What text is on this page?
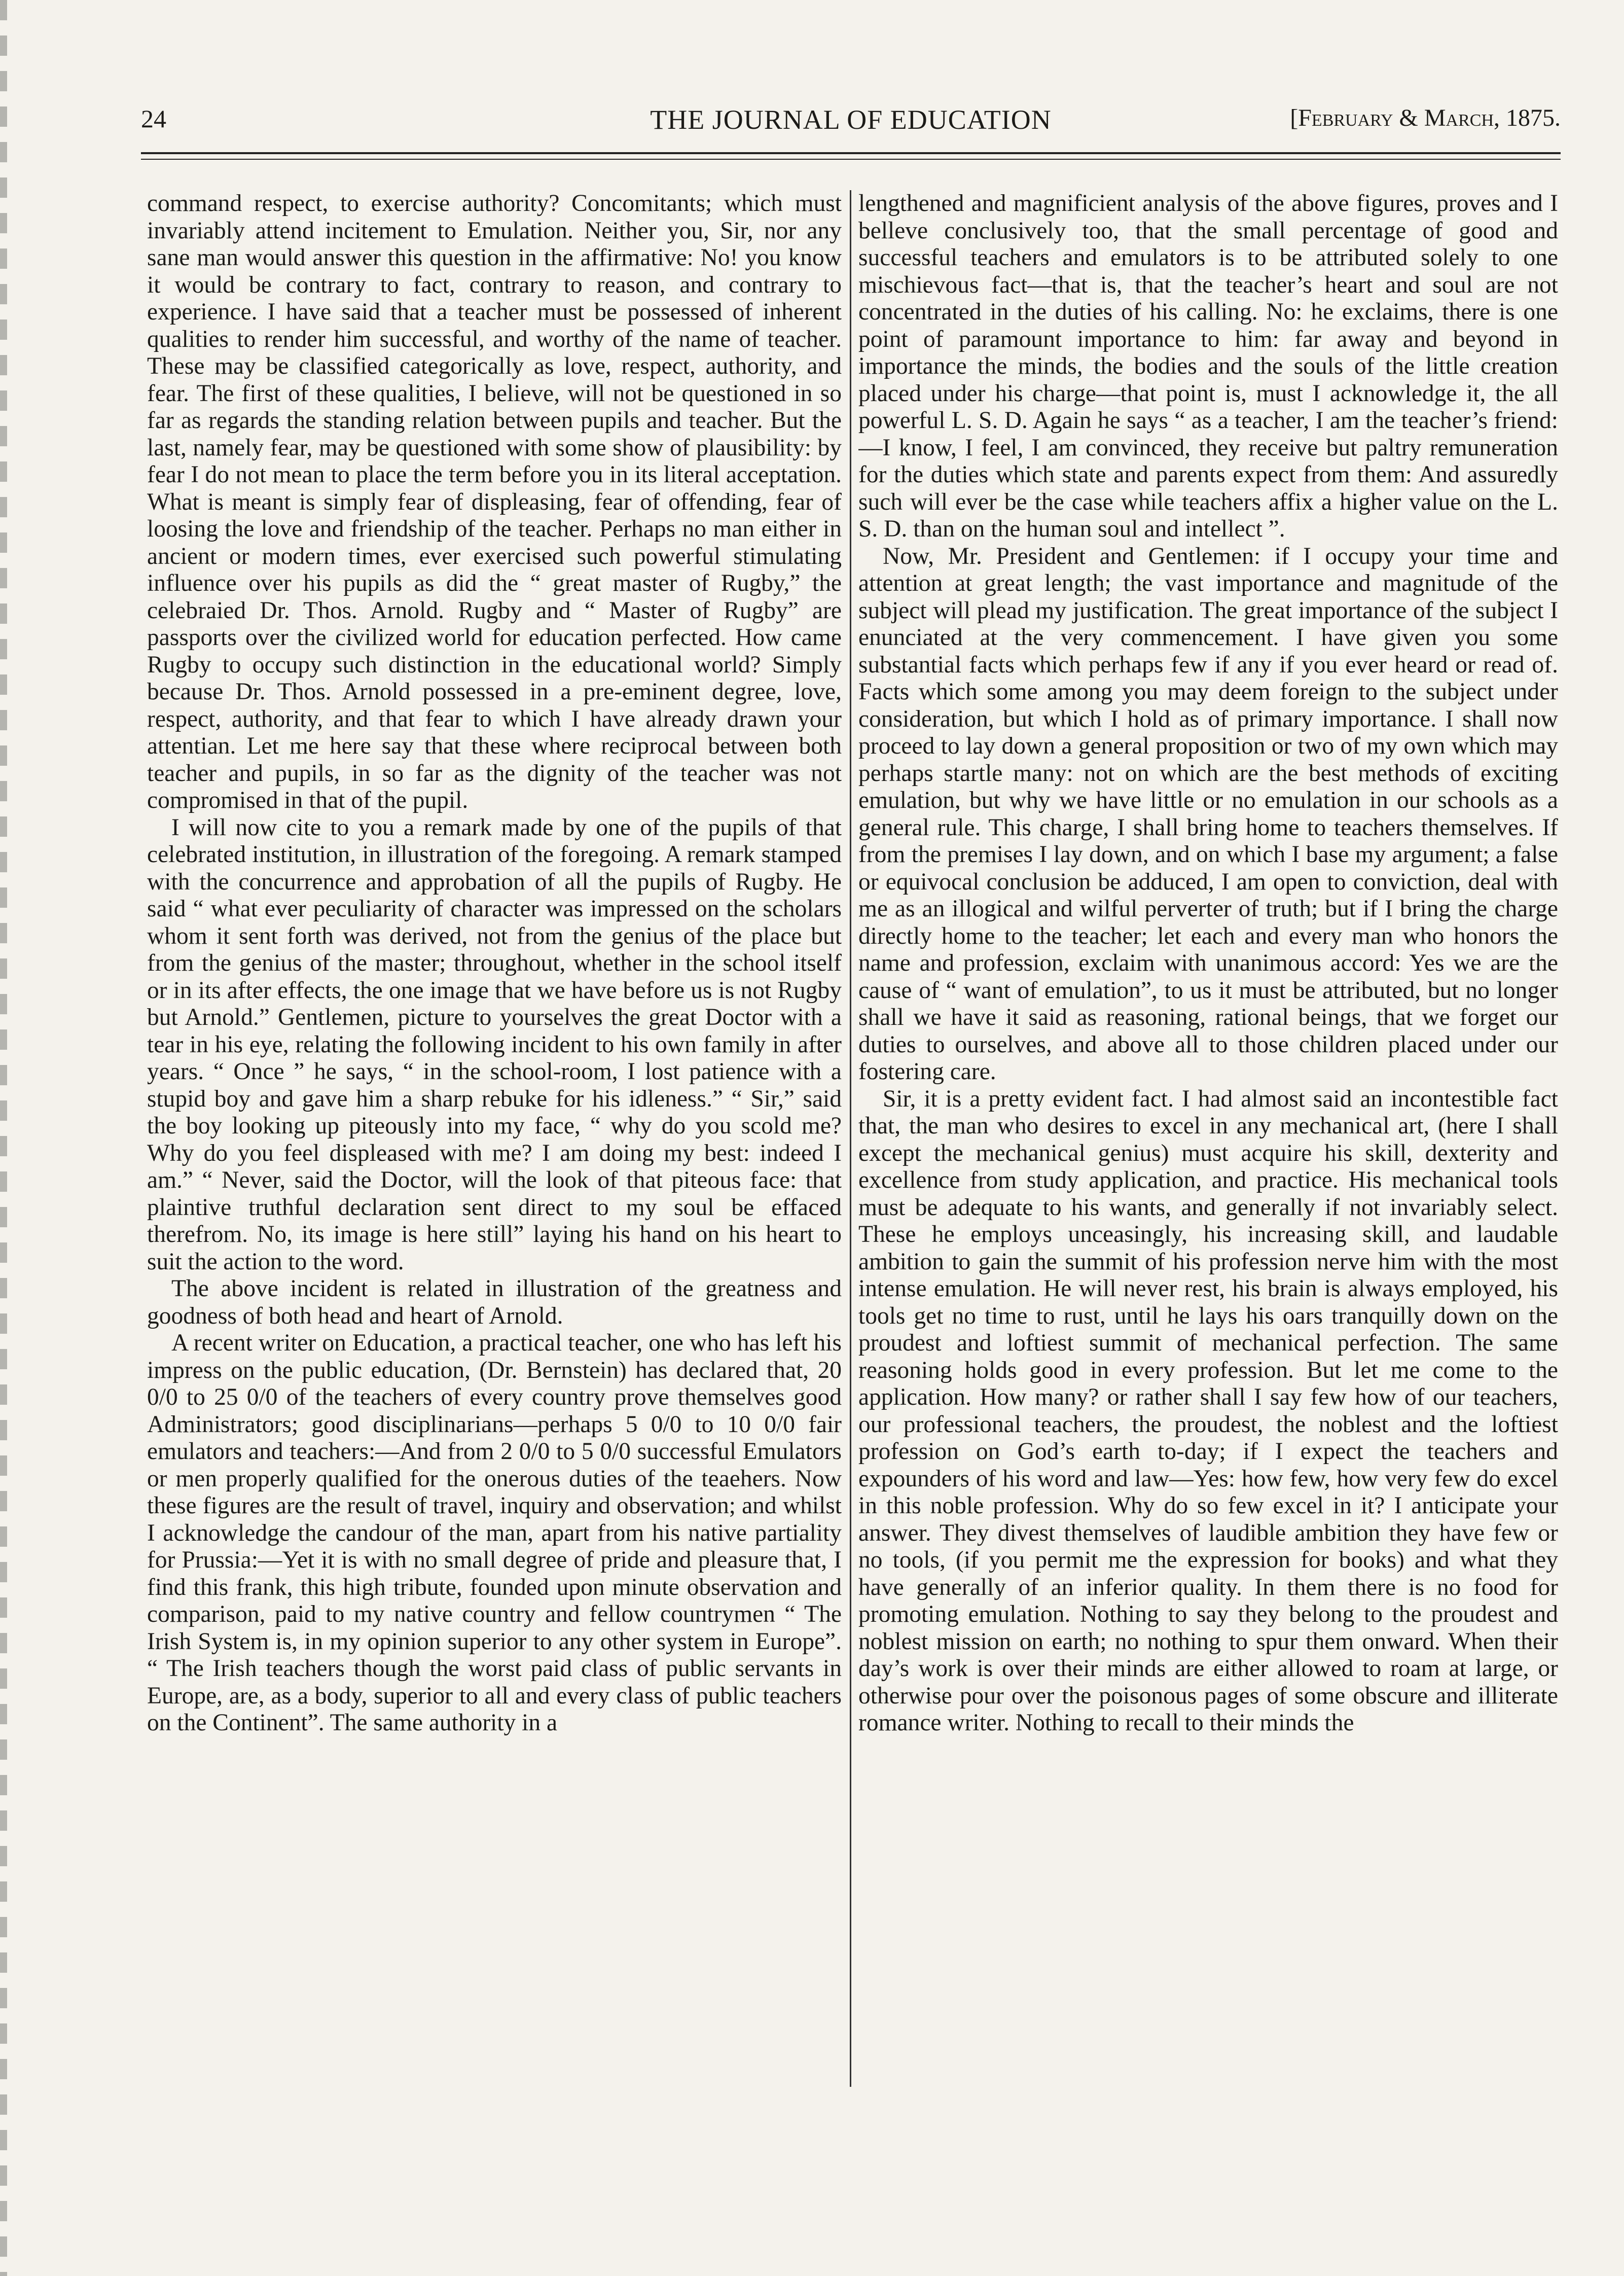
24	THE JOURNAL OF EDUCATION	[February & March, 1875.

command respect, to exercise authority? Concomitants; which must invariably attend incitement to Emulation. Neither you, Sir, nor any sane man would answer this question in the affirmative: No! you know it would be contrary to fact, contrary to reason, and contrary to experience. I have said that a teacher must be possessed of inherent qualities to render him successful, and worthy of the name of teacher. These may be classified categorically as love, respect, authority, and fear. The first of these qualities, I believe, will not be questioned in so far as regards the standing relation between pupils and teacher. But the last, namely fear, may be questioned with some show of plausibility: by fear I do not mean to place the term before you in its literal acceptation. What is meant is simply fear of displeasing, fear of offending, fear of loosing the love and friendship of the teacher. Perhaps no man either in ancient or modern times, ever exercised such powerful stimulating influence over his pupils as did the “ great master of Rugby,” the celebraied Dr. Thos. Arnold. Rugby and “ Master of Rugby” are passports over the civilized world for education perfected. How came Rugby to occupy such distinction in the educational world? Simply because Dr. Thos. Arnold possessed in a pre-eminent degree, love, respect, authority, and that fear to which I have already drawn your attentian. Let me here say that these where reciprocal between both teacher and pupils, in so far as the dignity of the teacher was not compromised in that of the pupil.

I will now cite to you a remark made by one of the pupils of that celebrated institution, in illustration of the foregoing. A remark stamped with the concurrence and approbation of all the pupils of Rugby. He said “ what ever peculiarity of character was impressed on the scholars whom it sent forth was derived, not from the genius of the place but from the genius of the master; throughout, whether in the school itself or in its after effects, the one image that we have before us is not Rugby but Arnold.” Gentlemen, picture to yourselves the great Doctor with a tear in his eye, relating the following incident to his own family in after years. “ Once ” he says, “ in the school-room, I lost patience with a stupid boy and gave him a sharp rebuke for his idleness.” “ Sir,” said the boy looking up piteously into my face, “ why do you scold me? Why do you feel displeased with me? I am doing my best: indeed I am.” “ Never, said the Doctor, will the look of that piteous face: that plaintive truthful declaration sent direct to my soul be effaced therefrom. No, its image is here still” laying his hand on his heart to suit the action to the word.

The above incident is related in illustration of the greatness and goodness of both head and heart of Arnold.

A recent writer on Education, a practical teacher, one who has left his impress on the public education, (Dr. Bernstein) has declared that, 20 0/0 to 25 0/0 of the teachers of every country prove themselves good Administrators; good disciplinarians—perhaps 5 0/0 to 10 0/0 fair emulators and teachers:—And from 2 0/0 to 5 0/0 successful Emulators or men properly qualified for the onerous duties of the teaehers. Now these figures are the result of travel, inquiry and observation; and whilst I acknowledge the candour of the man, apart from his native partiality for Prussia:—Yet it is with no small degree of pride and pleasure that, I find this frank, this high tribute, founded upon minute observation and comparison, paid to my native country and fellow countrymen “ The Irish System is, in my opinion superior to any other system in Europe”. “ The Irish teachers though the worst paid class of public servants in Europe, are, as a body, superior to all and every class of public teachers on the Continent”. The same authority in a

lengthened and magnificient analysis of the above figures, proves and I belleve conclusively too, that the small percentage of good and successful teachers and emulators is to be attributed solely to one mischievous fact—that is, that the teacher’s heart and soul are not concentrated in the duties of his calling. No: he exclaims, there is one point of paramount importance to him: far away and beyond in importance the minds, the bodies and the souls of the little creation placed under his charge—that point is, must I acknowledge it, the all powerful L. S. D. Again he says “ as a teacher, I am the teacher’s friend: —I know, I feel, I am convinced, they receive but paltry remuneration for the duties which state and parents expect from them: And assuredly such will ever be the case while teachers affix a higher value on the L. S. D. than on the human soul and intellect ”.

Now, Mr. President and Gentlemen: if I occupy your time and attention at great length; the vast importance and magnitude of the subject will plead my justification. The great importance of the subject I enunciated at the very commencement. I have given you some substantial facts which perhaps few if any if you ever heard or read of. Facts which some among you may deem foreign to the subject under consideration, but which I hold as of primary importance. I shall now proceed to lay down a general proposition or two of my own which may perhaps startle many: not on which are the best methods of exciting emulation, but why we have little or no emulation in our schools as a general rule. This charge, I shall bring home to teachers themselves. If from the premises I lay down, and on which I base my argument; a false or equivocal conclusion be adduced, I am open to conviction, deal with me as an illogical and wilful perverter of truth; but if I bring the charge directly home to the teacher; let each and every man who honors the name and profession, exclaim with unanimous accord: Yes we are the cause of “ want of emulation”, to us it must be attributed, but no longer shall we have it said as reasoning, rational beings, that we forget our duties to ourselves, and above all to those children placed under our fostering care.

Sir, it is a pretty evident fact. I had almost said an incontestible fact that, the man who desires to excel in any mechanical art, (here I shall except the mechanical genius) must acquire his skill, dexterity and excellence from study application, and practice. His mechanical tools must be adequate to his wants, and generally if not invariably select. These he employs unceasingly, his increasing skill, and laudable ambition to gain the summit of his profession nerve him with the most intense emulation. He will never rest, his brain is always employed, his tools get no time to rust, until he lays his oars tranquilly down on the proudest and loftiest summit of mechanical perfection. The same reasoning holds good in every profession. But let me come to the application. How many? or rather shall I say few how of our teachers, our professional teachers, the proudest, the noblest and the loftiest profession on God’s earth to-day; if I expect the teachers and expounders of his word and law—Yes: how few, how very few do excel in this noble profession. Why do so few excel in it? I anticipate your answer. They divest themselves of laudible ambition they have few or no tools, (if you permit me the expression for books) and what they have generally of an inferior quality. In them there is no food for promoting emulation. Nothing to say they belong to the proudest and noblest mission on earth; no nothing to spur them onward. When their day’s work is over their minds are either allowed to roam at large, or otherwise pour over the poisonous pages of some obscure and illiterate romance writer. Nothing to recall to their minds the
